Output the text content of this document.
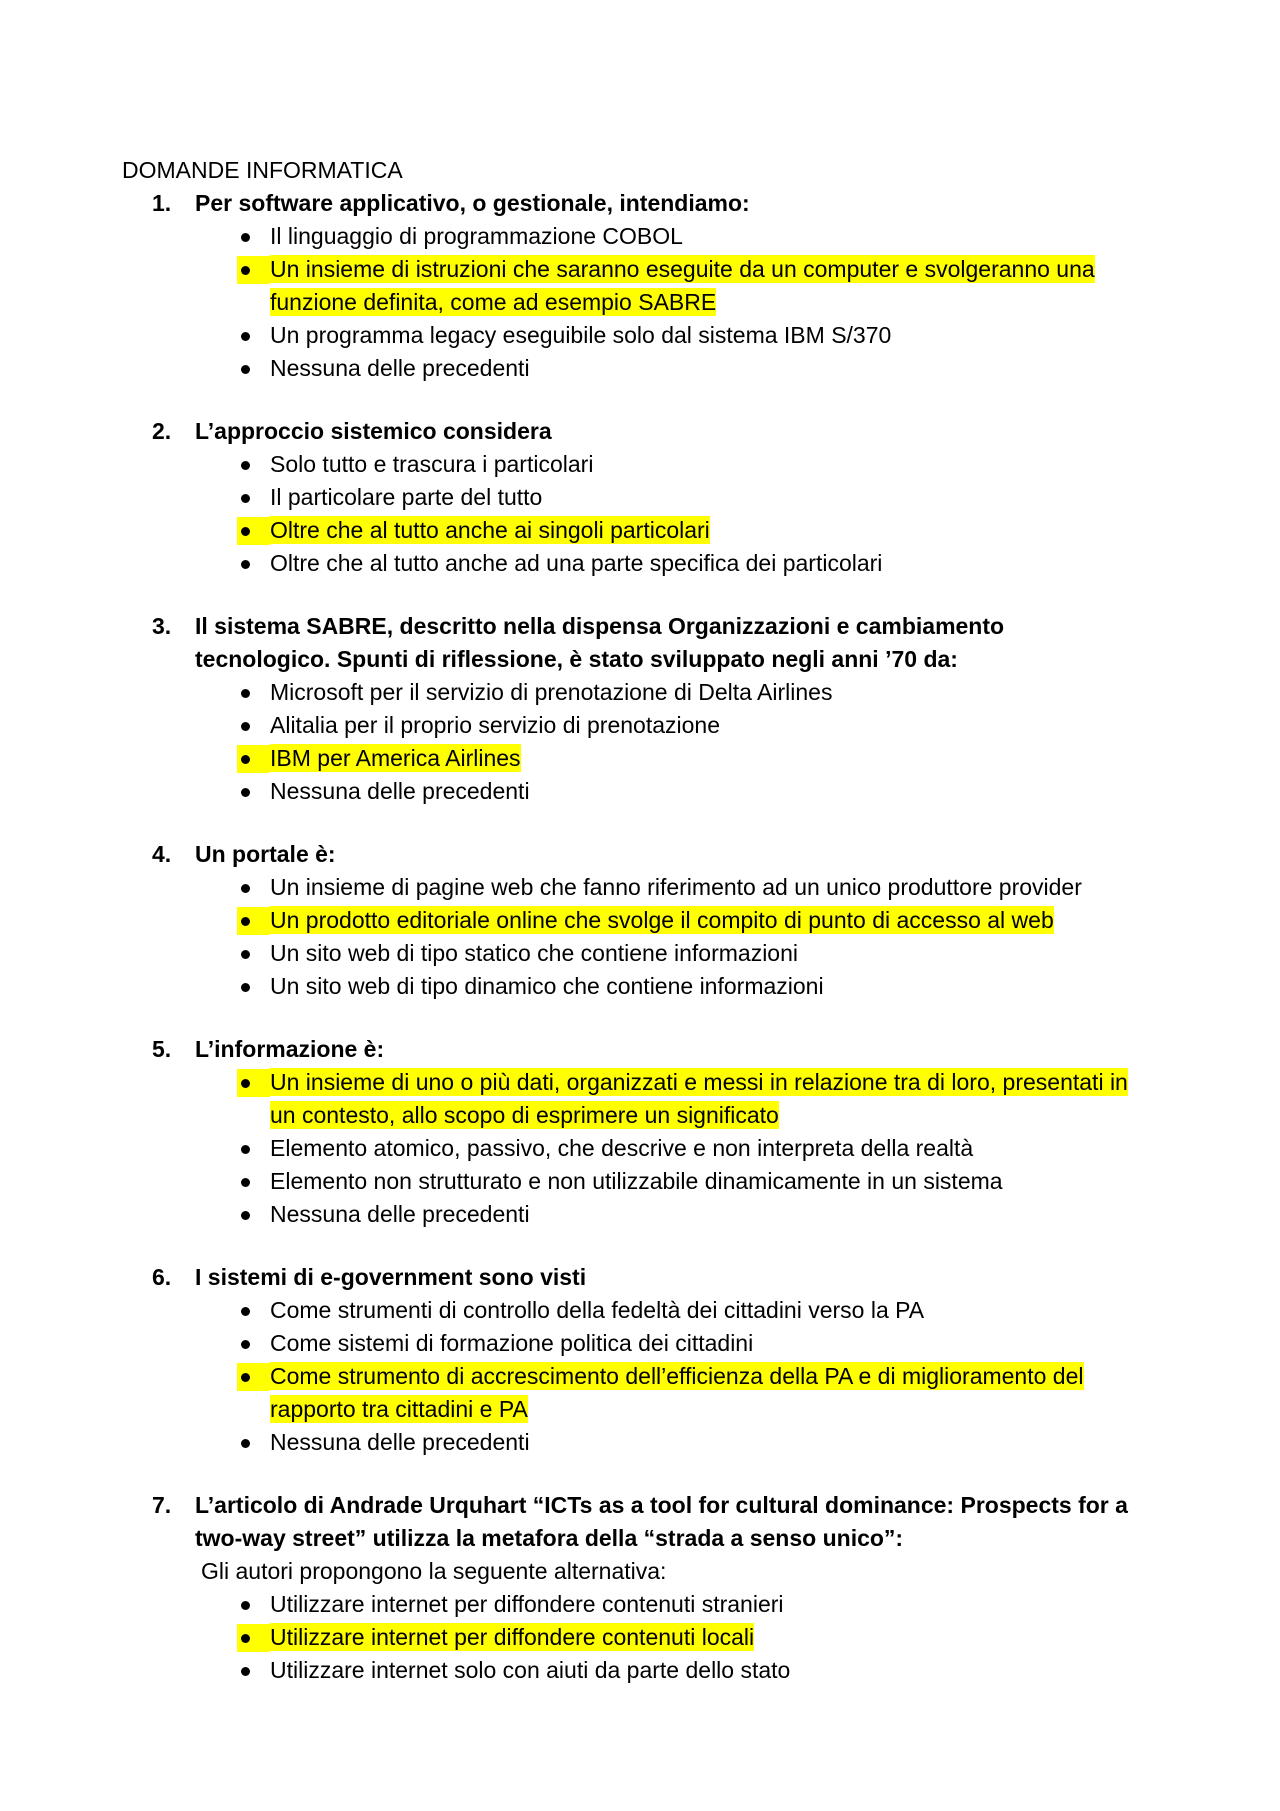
DOMANDE INFORMATICA
1.	Per software applicativo, o gestionale, intendiamo:
Il linguaggio di programmazione COBOL
Un insieme di istruzioni che saranno eseguite da un computer e svolgeranno una funzione definita, come ad esempio SABRE
Un programma legacy eseguibile solo dal sistema IBM S/370
Nessuna delle precedenti
2.	L’approccio sistemico considera
Solo tutto e trascura i particolari
Il particolare parte del tutto
Oltre che al tutto anche ai singoli particolari
Oltre che al tutto anche ad una parte specifica dei particolari
3.	Il sistema SABRE, descritto nella dispensa Organizzazioni e cambiamento tecnologico. Spunti di riflessione, è stato sviluppato negli anni ’70 da:
Microsoft per il servizio di prenotazione di Delta Airlines
Alitalia per il proprio servizio di prenotazione
IBM per America Airlines
Nessuna delle precedenti
4.	Un portale è:
Un insieme di pagine web che fanno riferimento ad un unico produttore provider
Un prodotto editoriale online che svolge il compito di punto di accesso al web
Un sito web di tipo statico che contiene informazioni
Un sito web di tipo dinamico che contiene informazioni
5.	L’informazione è:
Un insieme di uno o più dati, organizzati e messi in relazione tra di loro, presentati in un contesto, allo scopo di esprimere un significato
Elemento atomico, passivo, che descrive e non interpreta della realtà
Elemento non strutturato e non utilizzabile dinamicamente in un sistema
Nessuna delle precedenti
6.	I sistemi di e-government sono visti
Come strumenti di controllo della fedeltà dei cittadini verso la PA
Come sistemi di formazione politica dei cittadini
Come strumento di accrescimento dell’efficienza della PA e di miglioramento del rapporto tra cittadini e PA
Nessuna delle precedenti
7.	L’articolo di Andrade Urquhart “ICTs as a tool for cultural dominance: Prospects for a two-way street” utilizza la metafora della “strada a senso unico”:
Gli autori propongono la seguente alternativa:
Utilizzare internet per diffondere contenuti stranieri
Utilizzare internet per diffondere contenuti locali
Utilizzare internet solo con aiuti da parte dello stato
